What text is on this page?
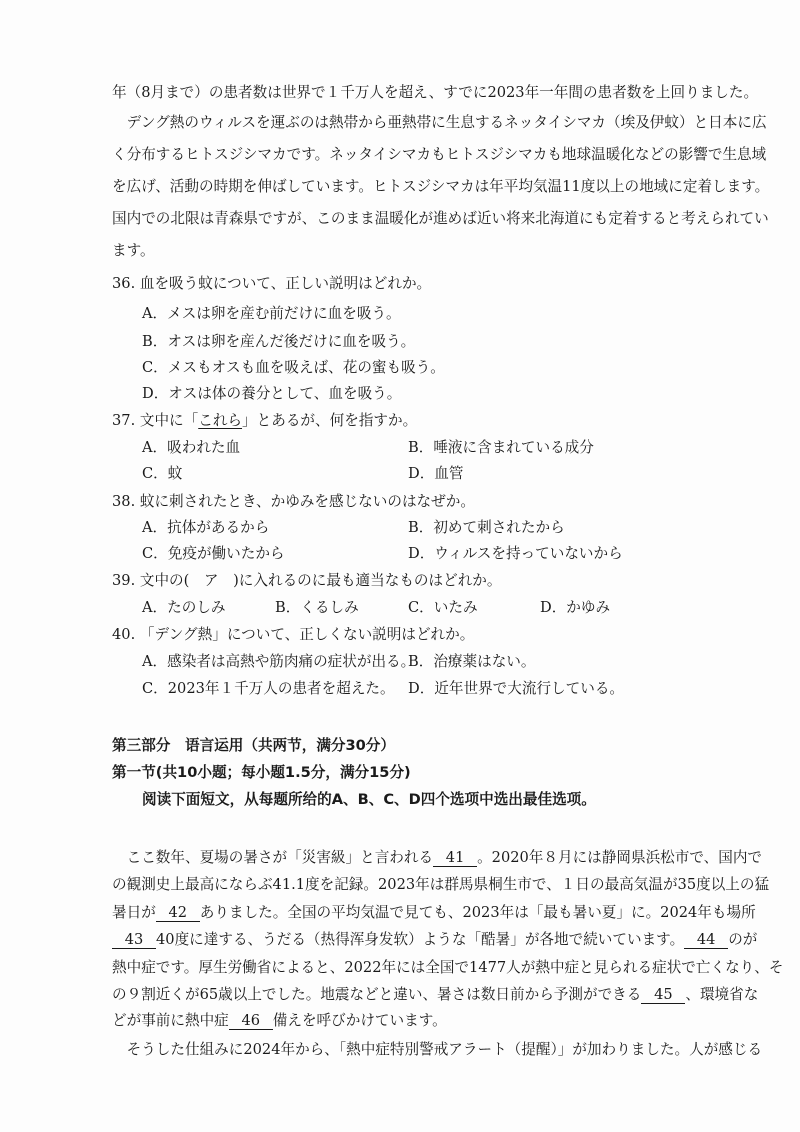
年（8月まで）の患者数は世界で１千万人を超え、すでに2023年一年間の患者数を上回りました。
　デング熱のウィルスを運ぶのは熱帯から亜熱帯に生息するネッタイシマカ（埃及伊蚊）と日本に広
く分布するヒトスジシマカです。ネッタイシマカもヒトスジシマカも地球温暖化などの影響で生息域
を広げ、活動の時期を伸ばしています。ヒトスジシマカは年平均気温11度以上の地域に定着します。
国内での北限は青森県ですが、このまま温暖化が進めば近い将来北海道にも定着すると考えられてい
ます。
36. 血を吸う蚊について、正しい説明はどれか。
A．メスは卵を産む前だけに血を吸う。
B．オスは卵を産んだ後だけに血を吸う。
C．メスもオスも血を吸えば、花の蜜も吸う。
D．オスは体の養分として、血を吸う。
37. 文中に「これら」とあるが、何を指すか。
A．吸われた血	B．唾液に含まれている成分
C．蚊	D．血管
38. 蚊に刺されたとき、かゆみを感じないのはなぜか。
A．抗体があるから	B．初めて刺されたから
C．免疫が働いたから	D．ウィルスを持っていないから
39. 文中の(　ア　)に入れるのに最も適当なものはどれか。
A．たのしみ	B．くるしみ	C．いたみ	D．かゆみ
40. 「デング熱」について、正しくない説明はどれか。
A．感染者は高熱や筋肉痛の症状が出る。
B．治療薬はない。
C．2023年１千万人の患者を超えた。 D．近年世界で大流行している。
第三部分　语言运用（共两节，满分30分）
第一节(共10小题；每小题1.5分，满分15分)
阅读下面短文，从每题所给的A、B、C、D四个选项中选出最佳选项。
　ここ数年、夏場の暑さが「災害級」と言われる 41 。2020年８月には静岡県浜松市で、国内で
の観測史上最高にならぶ41.1度を記録。2023年は群馬県桐生市で、１日の最高気温が35度以上の猛
暑日が 42 ありました。全国の平均気温で見ても、2023年は「最も暑い夏」に。2024年も場所
43 40度に達する、うだる（热得浑身发软）ような「酷暑」が各地で続いています。 44 のが
熱中症です。厚生労働省によると、2022年には全国で1477人が熱中症と見られる症状で亡くなり、そ
の９割近くが65歳以上でした。地震などと違い、暑さは数日前から予測ができる 45 、環境省な
どが事前に熱中症 46 備えを呼びかけています。
　そうした仕組みに2024年から、「熱中症特別警戒アラート（提醒）」が加わりました。人が感じる
